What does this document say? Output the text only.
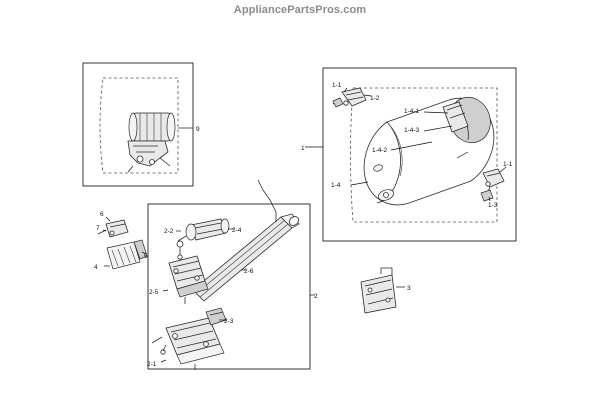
AppliancePartsPros.com
9
1-1
1-2
1-4-1
1-4-3
1-4-2
1-4
1-1
1-3
1
3
2-2	2-4
2-6
2-5
2-3
2-1
2
6
7
5
4
